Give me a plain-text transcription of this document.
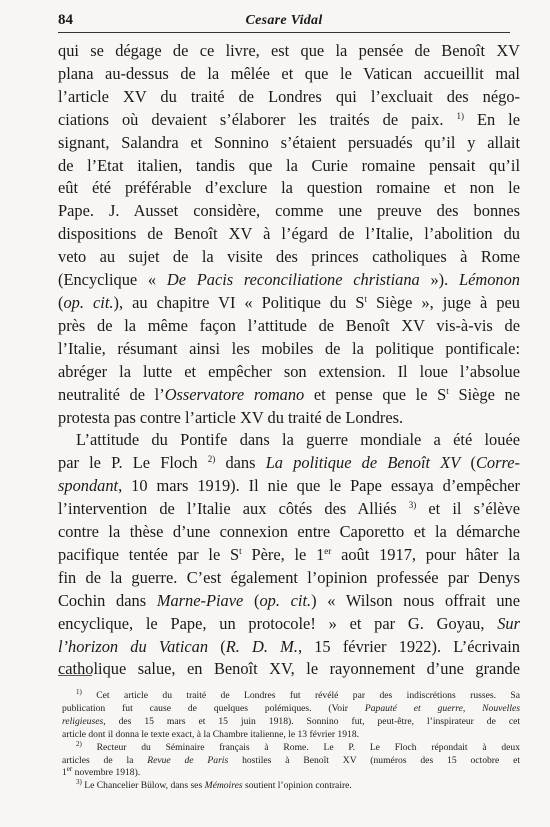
84	Cesare Vidal
qui se dégage de ce livre, est que la pensée de Benoît XV
plana au-dessus de la mêlée et que le Vatican accueillit mal
l’article XV du traité de Londres qui l’excluait des négo-
ciations où devaient s’élaborer les traités de paix. $^{1)}$ En le
signant, Salandra et Sonnino s’étaient persuadés qu’il y allait
de l’Etat italien, tandis que la Curie romaine pensait qu’il
eût été préférable d’exclure la question romaine et non le
Pape. J. Ausset considère, comme une preuve des bonnes
dispositions de Benoît XV à l’égard de l’Italie, l’abolition du
veto au sujet de la visite des princes catholiques à Rome
(Encyclique « De Pacis reconciliatione christiana »). Lémonon
(op. cit.), au chapitre VI « Politique du $S^t$ Siège », juge à peu
près de la même façon l’attitude de Benoît XV vis-à-vis de
l’Italie, résumant ainsi les mobiles de la politique pontificale:
abréger la lutte et empêcher son extension. Il loue l’absolue
neutralité de l’Osservatore romano et pense que le $S^t$ Siège ne
protesta pas contre l’article XV du traité de Londres.
L’attitude du Pontife dans la guerre mondiale a été louée
par le P. Le Floch $^{2)}$ dans La politique de Benoît XV (Corre-
spondant, 10 mars 1919). Il nie que le Pape essaya d’empêcher
l’intervention de l’Italie aux côtés des Alliés $^{3)}$ et il s’élève
contre la thèse d’une connexion entre Caporetto et la démarche
pacifique tentée par le $S^t$ Père, le 1er août 1917, pour hâter la
fin de la guerre. C’est également l’opinion professée par Denys
Cochin dans Marne-Piave (op. cit.) « Wilson nous offrait une
encyclique, le Pape, un protocole! » et par G. Goyau, Sur
l’horizon du Vatican (R. D. M., 15 février 1922). L’écrivain
catholique salue, en Benoît XV, le rayonnement d’une grande
$^{1)}$ Cet article du traité de Londres fut révélé par des indiscrétions russes. Sa
publication fut cause de quelques polémiques. (Voir Papauté et guerre, Nouvelles
religieuses, des 15 mars et 15 juin 1918). Sonnino fut, peut-être, l’inspirateur de cet
article dont il donna le texte exact, à la Chambre italienne, le 13 février 1918.
$^{2)}$ Recteur du Séminaire français à Rome. Le P. Le Floch répondait à deux
articles de la Revue de Paris hostiles à Benoît XV (numéros des 15 octobre et
1er novembre 1918).
$^{3)}$ Le Chancelier Bülow, dans ses Mémoires soutient l’opinion contraire.
